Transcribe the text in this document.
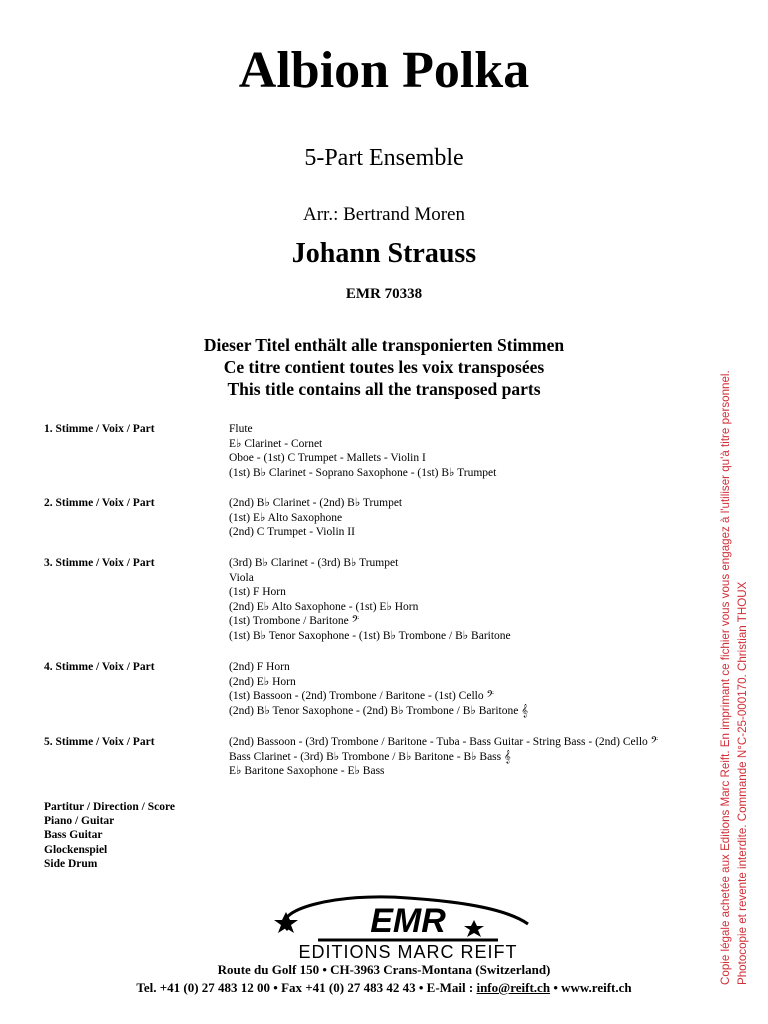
Albion Polka
5-Part Ensemble
Arr.: Bertrand Moren
Johann Strauss
EMR 70338
Dieser Titel enthält alle transponierten Stimmen
Ce titre contient toutes les voix transposées
This title contains all the transposed parts
1. Stimme / Voix / Part	Flute
E♭ Clarinet - Cornet
Oboe - (1st) C Trumpet - Mallets - Violin I
(1st) B♭ Clarinet - Soprano Saxophone - (1st) B♭ Trumpet
2. Stimme / Voix / Part	(2nd) B♭ Clarinet - (2nd) B♭ Trumpet
(1st) E♭ Alto Saxophone
(2nd) C Trumpet - Violin II
3. Stimme / Voix / Part	(3rd) B♭ Clarinet - (3rd) B♭ Trumpet
Viola
(1st) F Horn
(2nd) E♭ Alto Saxophone - (1st) E♭ Horn
(1st) Trombone / Baritone 𝄢
(1st) B♭ Tenor Saxophone - (1st) B♭ Trombone / B♭ Baritone
4. Stimme / Voix / Part	(2nd) F Horn
(2nd) E♭ Horn
(1st) Bassoon - (2nd) Trombone / Baritone - (1st) Cello 𝄢
(2nd) B♭ Tenor Saxophone - (2nd) B♭ Trombone / B♭ Baritone 𝄞
5. Stimme / Voix / Part	(2nd) Bassoon - (3rd) Trombone / Baritone - Tuba - Bass Guitar - String Bass - (2nd) Cello 𝄢
Bass Clarinet - (3rd) B♭ Trombone / B♭ Baritone - B♭ Bass 𝄞
E♭ Baritone Saxophone - E♭ Bass
Partitur / Direction / Score
Piano / Guitar
Bass Guitar
Glockenspiel
Side Drum
EMR
EDITIONS MARC REIFT
Route du Golf 150 • CH-3963 Crans-Montana (Switzerland)
Tel. +41 (0) 27 483 12 00 • Fax +41 (0) 27 483 42 43 • E-Mail : info@reift.ch • www.reift.ch
Copie légale achetée aux Editions Marc Reift. En imprimant ce fichier vous vous engagez à l'utiliser qu'à titre personnel. Photocopie et revente interdite. Commande N°C-25-000170. Christian THOUX
